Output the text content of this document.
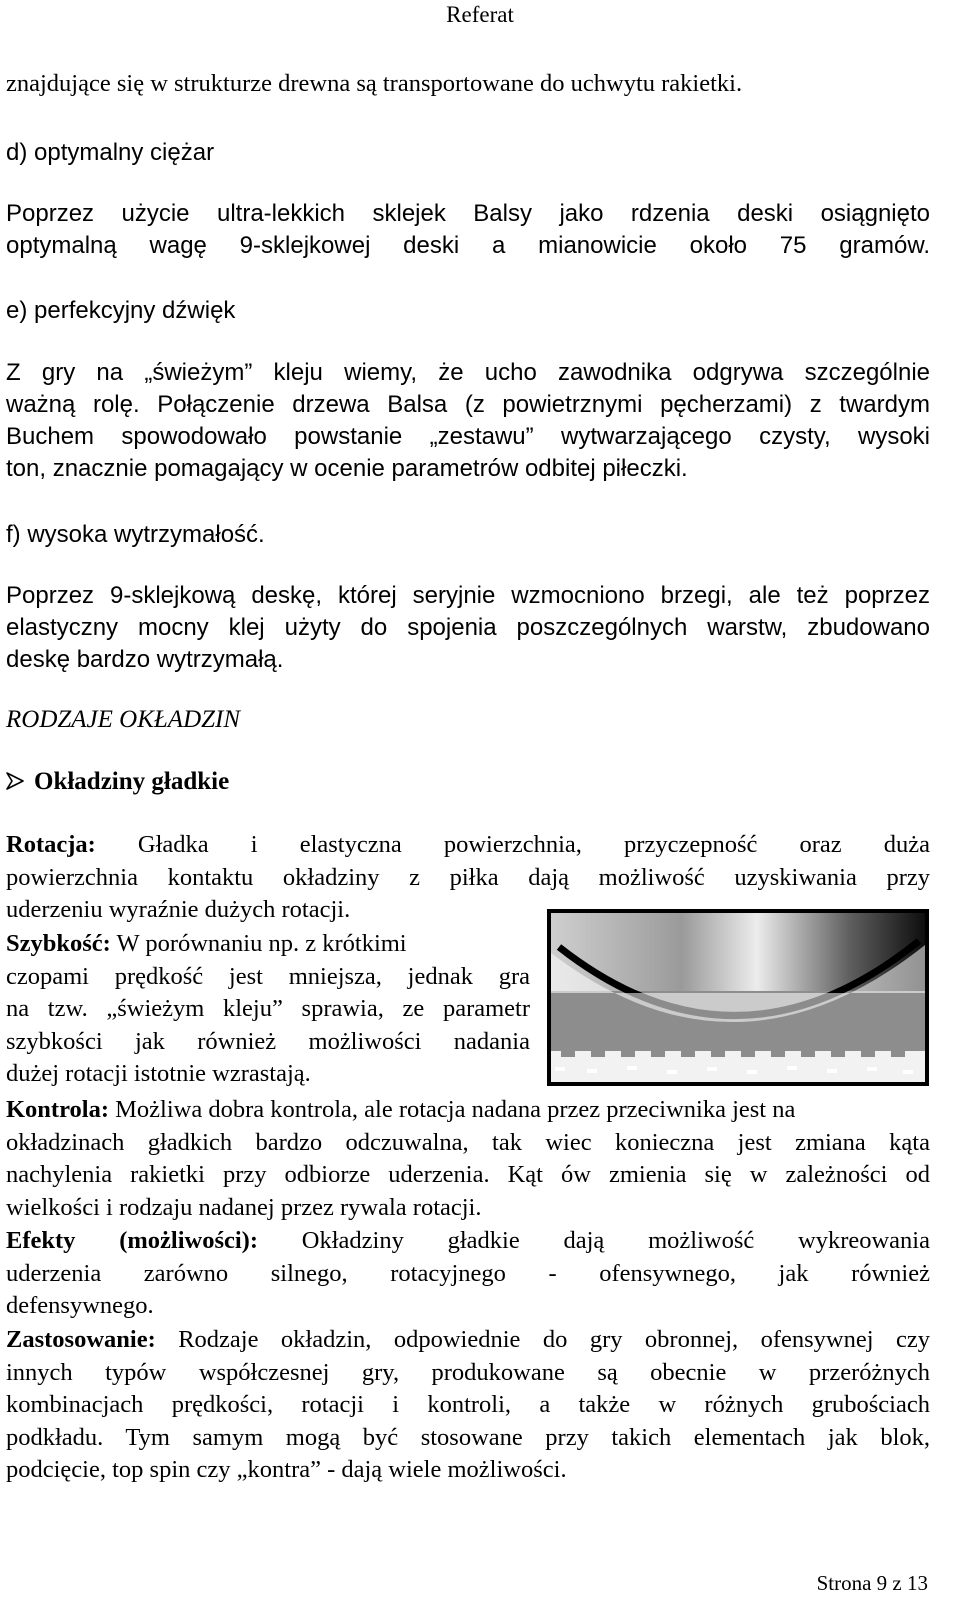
Referat
znajdujące się w strukturze drewna są transportowane do uchwytu rakietki.
d) optymalny ciężar
Poprzez użycie ultra-lekkich sklejek Balsy jako rdzenia deski osiągnięto
optymalną wagę 9-sklejkowej deski a mianowicie około 75 gramów.
e) perfekcyjny dźwięk
Z gry na „świeżym” kleju wiemy, że ucho zawodnika odgrywa szczególnie
ważną rolę. Połączenie drzewa Balsa (z powietrznymi pęcherzami) z twardym
Buchem spowodowało powstanie „zestawu” wytwarzającego czysty, wysoki
ton, znacznie pomagający w ocenie parametrów odbitej piłeczki.
f) wysoka wytrzymałość.
Poprzez 9-sklejkową deskę, której seryjnie wzmocniono brzegi, ale też poprzez
elastyczny mocny klej użyty do spojenia poszczególnych warstw, zbudowano
deskę bardzo wytrzymałą.
RODZAJE OKŁADZIN
Okładziny gładkie
Rotacja: Gładka i elastyczna powierzchnia, przyczepność oraz duża
powierzchnia kontaktu okładziny z piłka dają możliwość uzyskiwania przy
uderzeniu wyraźnie dużych rotacji.
Szybkość: W porównaniu np. z krótkimi
czopami prędkość jest mniejsza, jednak gra
na tzw. „świeżym kleju” sprawia, ze parametr
szybkości jak również możliwości nadania
dużej rotacji istotnie wzrastają.
Kontrola: Możliwa dobra kontrola, ale rotacja nadana przez przeciwnika jest na
okładzinach gładkich bardzo odczuwalna, tak wiec konieczna jest zmiana kąta
nachylenia rakietki przy odbiorze uderzenia. Kąt ów zmienia się w zależności od
wielkości i rodzaju nadanej przez rywala rotacji.
Efekty (możliwości): Okładziny gładkie dają możliwość wykreowania
uderzenia zarówno silnego, rotacyjnego - ofensywnego, jak również
defensywnego.
Zastosowanie: Rodzaje okładzin, odpowiednie do gry obronnej, ofensywnej czy
innych typów współczesnej gry, produkowane są obecnie w przeróżnych
kombinacjach prędkości, rotacji i kontroli, a także w różnych grubościach
podkładu. Tym samym mogą być stosowane przy takich elementach jak blok,
podcięcie, top spin czy „kontra” - dają wiele możliwości.
Strona 9 z 13
